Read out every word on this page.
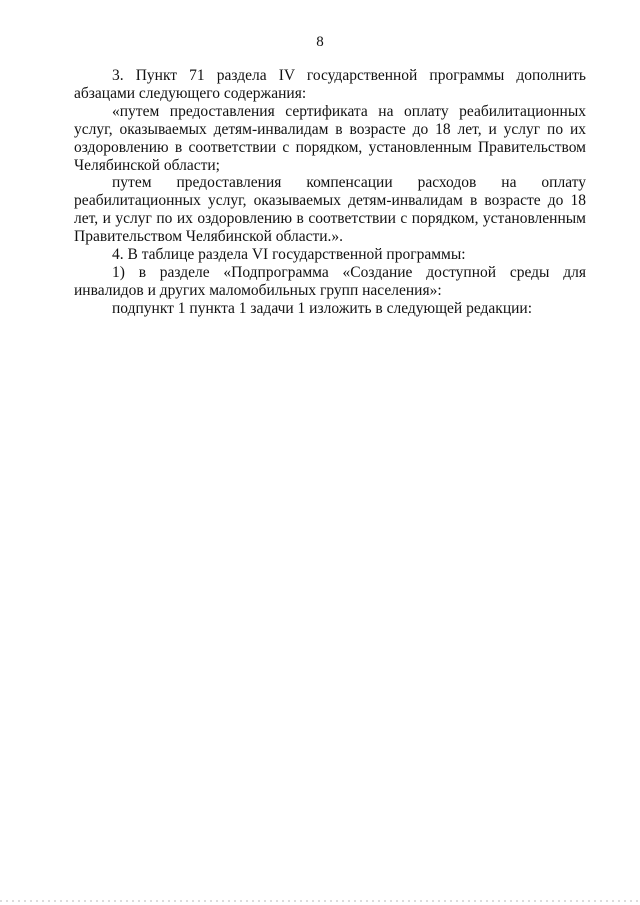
8

3. Пункт 71 раздела IV государственной программы дополнить абзацами следующего содержания:

«путем предоставления сертификата на оплату реабилитационных услуг, оказываемых детям-инвалидам в возрасте до 18 лет, и услуг по их оздоровлению в соответствии с порядком, установленным Правительством Челябинской области;

путем предоставления компенсации расходов на оплату реабилитационных услуг, оказываемых детям-инвалидам в возрасте до 18 лет, и услуг по их оздоровлению в соответствии с порядком, установленным Правительством Челябинской области.».

4. В таблице раздела VI государственной программы:

1) в разделе «Подпрограмма «Создание доступной среды для инвалидов и других маломобильных групп населения»:

подпункт 1 пункта 1 задачи 1 изложить в следующей редакции:
